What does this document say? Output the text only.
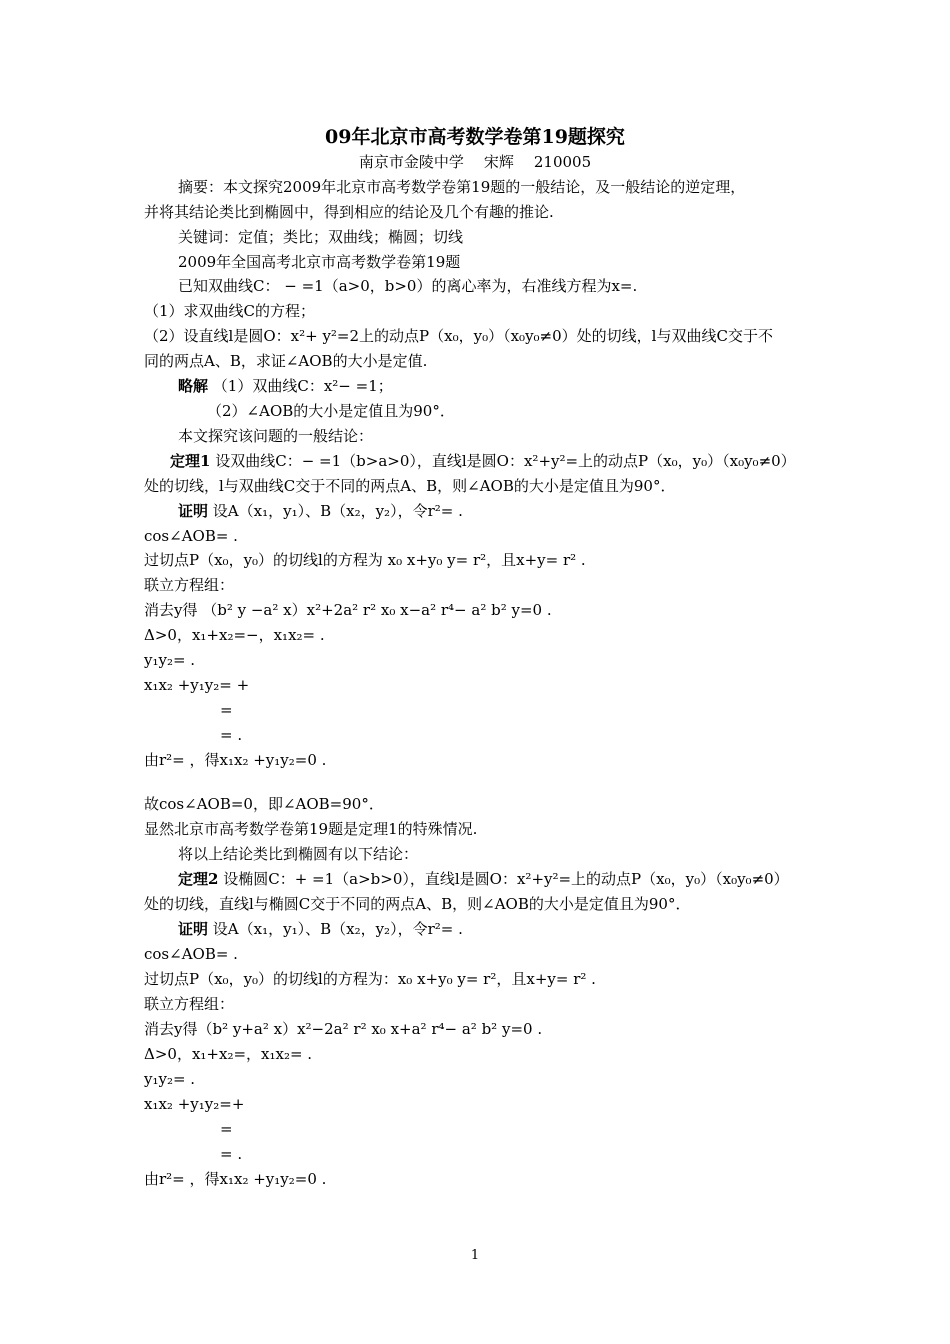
09年北京市高考数学卷第19题探究
南京市金陵中学 宋辉 210005
摘要：本文探究2009年北京市高考数学卷第19题的一般结论，及一般结论的逆定理，
并将其结论类比到椭圆中，得到相应的结论及几个有趣的推论.
关键词：定值；类比；双曲线；椭圆；切线
2009年全国高考北京市高考数学卷第19题
已知双曲线C： − =1（a>0，b>0）的离心率为，右准线方程为x=.
（1）求双曲线C的方程；
（2）设直线l是圆O：x²+ y²=2上的动点P（x₀，y₀）（x₀y₀≠0）处的切线，l与双曲线C交于不
同的两点A、B，求证∠AOB的大小是定值.
略解 （1）双曲线C：x²− =1；
（2）∠AOB的大小是定值且为90°．
本文探究该问题的一般结论：
定理1 设双曲线C：− =1（b>a>0），直线l是圆O：x²+y²=上的动点P（x₀，y₀）（x₀y₀≠0）
处的切线，l与双曲线C交于不同的两点A、B，则∠AOB的大小是定值且为90°．
证明 设A（x₁，y₁）、B（x₂，y₂），令r²= .
cos∠AOB= .
过切点P（x₀，y₀）的切线l的方程为 x₀ x+y₀ y= r²，且x+y= r² .
联立方程组：
消去y得 （b² y −a² x）x²+2a² r² x₀ x−a² r⁴− a² b² y=0 .
Δ>0，x₁+x₂=−，x₁x₂= .
y₁y₂= .
x₁x₂ +y₁y₂= +
=
= .
由r²= ，得x₁x₂ +y₁y₂=0 .
故cos∠AOB=0，即∠AOB=90°．
显然北京市高考数学卷第19题是定理1的特殊情况.
将以上结论类比到椭圆有以下结论：
定理2 设椭圆C：+ =1（a>b>0），直线l是圆O：x²+y²=上的动点P（x₀，y₀）（x₀y₀≠0）
处的切线，直线l与椭圆C交于不同的两点A、B，则∠AOB的大小是定值且为90°．
证明 设A（x₁，y₁）、B（x₂，y₂），令r²= .
cos∠AOB= .
过切点P（x₀，y₀）的切线l的方程为：x₀ x+y₀ y= r²，且x+y= r² .
联立方程组：
消去y得（b² y+a² x）x²−2a² r² x₀ x+a² r⁴− a² b² y=0 .
Δ>0，x₁+x₂=，x₁x₂= .
y₁y₂= .
x₁x₂ +y₁y₂=+
=
= .
由r²= ，得x₁x₂ +y₁y₂=0 .
1
